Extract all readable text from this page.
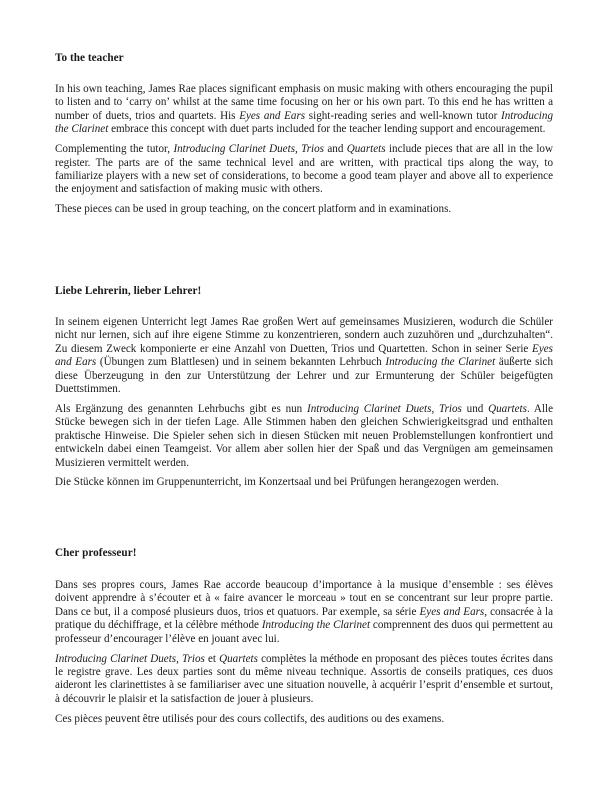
To the teacher

In his own teaching, James Rae places significant emphasis on music making with others encouraging the pupil to listen and to ‘carry on’ whilst at the same time focusing on her or his own part. To this end he has written a number of duets, trios and quartets. His Eyes and Ears sight-reading series and well-known tutor Introducing the Clarinet embrace this concept with duet parts included for the teacher lending support and encouragement.

Complementing the tutor, Introducing Clarinet Duets, Trios and Quartets include pieces that are all in the low register. The parts are of the same technical level and are written, with practical tips along the way, to familiarize players with a new set of considerations, to become a good team player and above all to experience the enjoyment and satisfaction of making music with others.

These pieces can be used in group teaching, on the concert platform and in examinations.

Liebe Lehrerin, lieber Lehrer!

In seinem eigenen Unterricht legt James Rae großen Wert auf gemeinsames Musizieren, wodurch die Schüler nicht nur lernen, sich auf ihre eigene Stimme zu konzentrieren, sondern auch zuzuhören und „durchzuhalten“. Zu diesem Zweck komponierte er eine Anzahl von Duetten, Trios und Quartetten. Schon in seiner Serie Eyes and Ears (Übungen zum Blattlesen) und in seinem bekannten Lehrbuch Introducing the Clarinet äußerte sich diese Überzeugung in den zur Unterstützung der Lehrer und zur Ermunterung der Schüler beigefügten Duettstimmen.

Als Ergänzung des genannten Lehrbuchs gibt es nun Introducing Clarinet Duets, Trios und Quartets. Alle Stücke bewegen sich in der tiefen Lage. Alle Stimmen haben den gleichen Schwierigkeitsgrad und enthalten praktische Hinweise. Die Spieler sehen sich in diesen Stücken mit neuen Problemstellungen konfrontiert und entwickeln dabei einen Teamgeist. Vor allem aber sollen hier der Spaß und das Vergnügen am gemeinsamen Musizieren vermittelt werden.

Die Stücke können im Gruppenunterricht, im Konzertsaal und bei Prüfungen herangezogen werden.

Cher professeur!

Dans ses propres cours, James Rae accorde beaucoup d’importance à la musique d’ensemble : ses élèves doivent apprendre à s’écouter et à « faire avancer le morceau » tout en se concentrant sur leur propre partie. Dans ce but, il a composé plusieurs duos, trios et quatuors. Par exemple, sa série Eyes and Ears, consacrée à la pratique du déchiffrage, et la célèbre méthode Introducing the Clarinet comprennent des duos qui permettent au professeur d’encourager l’élève en jouant avec lui.

Introducing Clarinet Duets, Trios et Quartets complètes la méthode en proposant des pièces toutes écrites dans le registre grave. Les deux parties sont du même niveau technique. Assortis de conseils pratiques, ces duos aideront les clarinettistes à se familiariser avec une situation nouvelle, à acquérir l’esprit d’ensemble et surtout, à découvrir le plaisir et la satisfaction de jouer à plusieurs.

Ces pièces peuvent être utilisés pour des cours collectifs, des auditions ou des examens.
